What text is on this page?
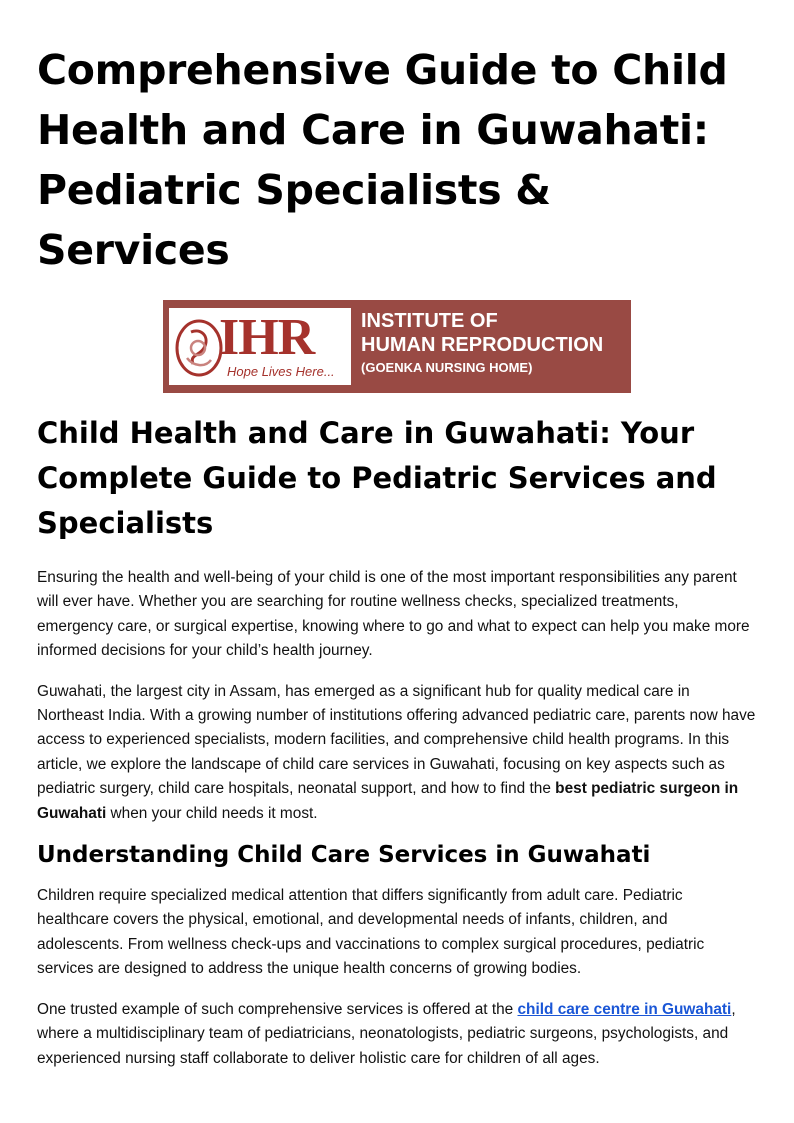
Comprehensive Guide to Child Health and Care in Guwahati: Pediatric Specialists & Services
IHR
Hope Lives Here...
INSTITUTE OF
HUMAN REPRODUCTION
(GOENKA NURSING HOME)
Child Health and Care in Guwahati: Your Complete Guide to Pediatric Services and Specialists

Ensuring the health and well-being of your child is one of the most important responsibilities any parent will ever have. Whether you are searching for routine wellness checks, specialized treatments, emergency care, or surgical expertise, knowing where to go and what to expect can help you make more informed decisions for your child’s health journey.

Guwahati, the largest city in Assam, has emerged as a significant hub for quality medical care in Northeast India. With a growing number of institutions offering advanced pediatric care, parents now have access to experienced specialists, modern facilities, and comprehensive child health programs. In this article, we explore the landscape of child care services in Guwahati, focusing on key aspects such as pediatric surgery, child care hospitals, neonatal support, and how to find the best pediatric surgeon in Guwahati when your child needs it most.

Understanding Child Care Services in Guwahati

Children require specialized medical attention that differs significantly from adult care. Pediatric healthcare covers the physical, emotional, and developmental needs of infants, children, and adolescents. From wellness check-ups and vaccinations to complex surgical procedures, pediatric services are designed to address the unique health concerns of growing bodies.

One trusted example of such comprehensive services is offered at the child care centre in Guwahati, where a multidisciplinary team of pediatricians, neonatologists, pediatric surgeons, psychologists, and experienced nursing staff collaborate to deliver holistic care for children of all ages.
